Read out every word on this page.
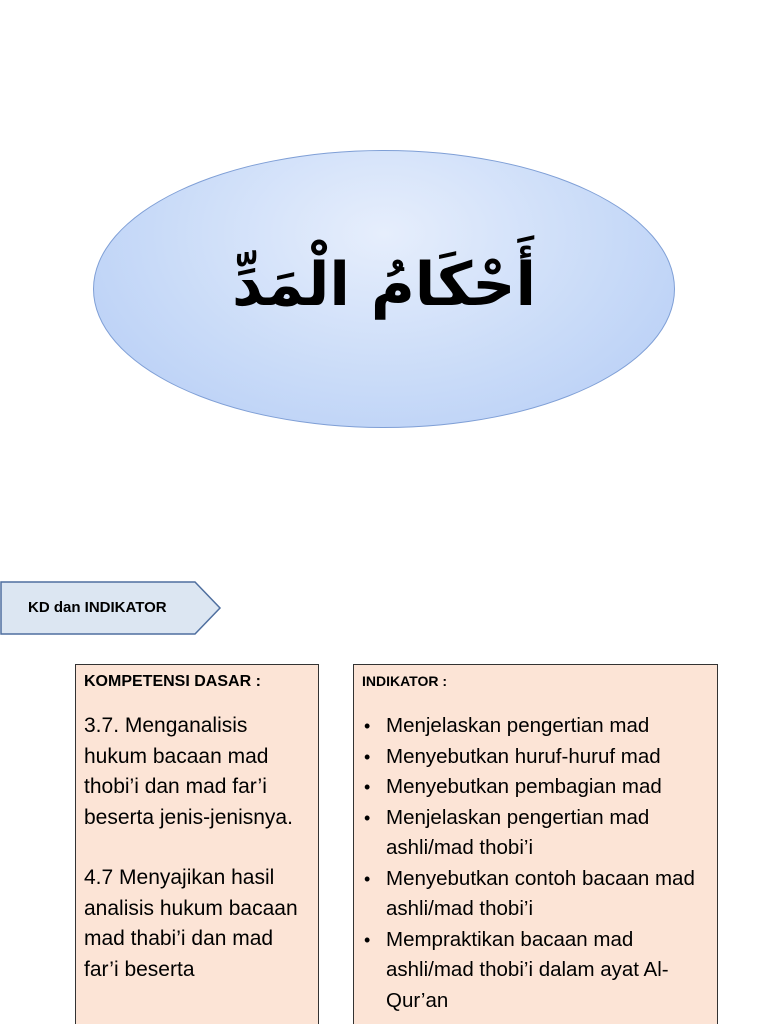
أَحْكَامُ الْمَدِّ
KD dan INDIKATOR
KOMPETENSI DASAR :

3.7. Menganalisis hukum bacaan mad thobi’i dan mad far’i beserta jenis-jenisnya.

4.7 Menyajikan hasil analisis hukum bacaan mad thabi’i dan mad far’i beserta

INDIKATOR :
• Menjelaskan pengertian mad
• Menyebutkan huruf-huruf mad
• Menyebutkan pembagian mad
• Menjelaskan pengertian mad ashli/mad thobi’i
• Menyebutkan contoh bacaan mad ashli/mad thobi’i
• Mempraktikan bacaan mad ashli/mad thobi’i dalam ayat Al-Qur’an
